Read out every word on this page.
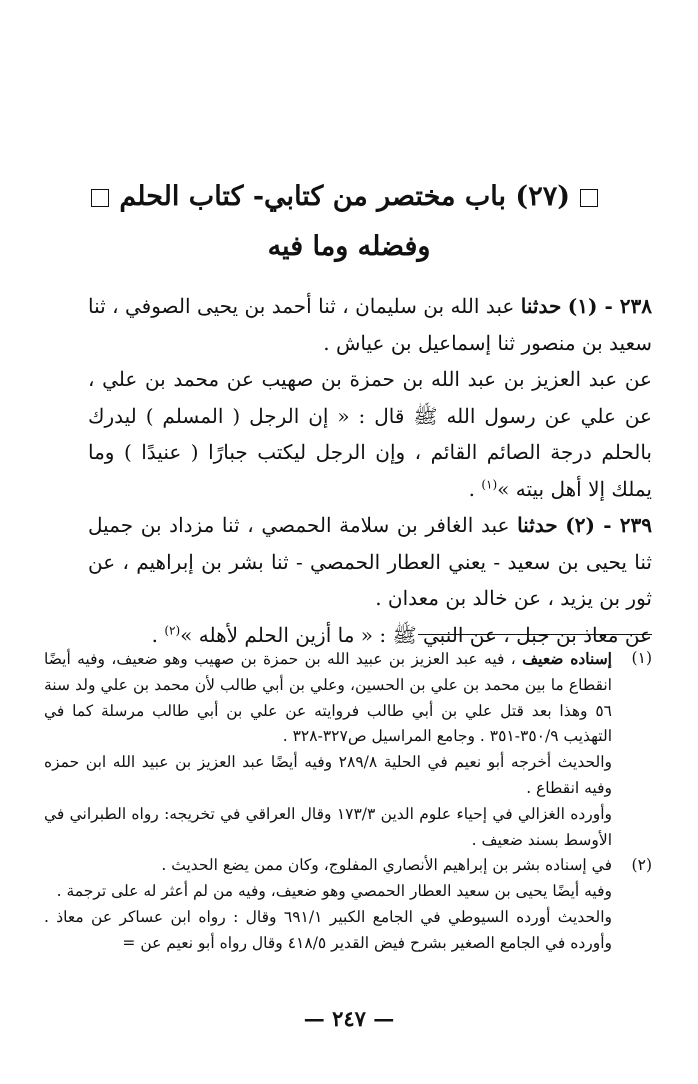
(٢٧) باب مختصر من كتابي- كتاب الحلم
وفضله وما فيه

٢٣٨ - (١) حدثنا عبد الله بن سليمان ، ثنا أحمد بن يحيى الصوفي ، ثنا سعيد بن منصور ثنا إسماعيل بن عياش .

عن عبد العزيز بن عبد الله بن حمزة بن صهيب عن محمد بن علي ، عن علي عن رسول الله ﷺ قال : « إن الرجل ( المسلم ) ليدرك بالحلم درجة الصائم القائم ، وإن الرجل ليكتب جبارًا ( عنيدًا ) وما يملك إلا أهل بيته »$^{(١)}$ .

٢٣٩ - (٢) حدثنا عبد الغافر بن سلامة الحمصي ، ثنا مزداد بن جميل ثنا يحيى بن سعيد - يعني العطار الحمصي - ثنا بشر بن إبراهيم ، عن ثور بن يزيد ، عن خالد بن معدان .

عن معاذ بن جبل ، عن النبي ﷺ : « ما أزين الحلم لأهله »$^{(٢)}$ .

(١)

إسناده ضعيف ، فيه عبد العزيز بن عبيد الله بن حمزة بن صهيب وهو ضعيف، وفيه أيضًا انقطاع ما بين محمد بن علي بن الحسين، وعلي بن أبي طالب لأن محمد بن علي ولد سنة ٥٦ وهذا بعد قتل علي بن أبي طالب فروايته عن علي بن أبي طالب مرسلة كما في التهذيب ٣٥٠/٩-٣٥١ . وجامع المراسيل ص٣٢٧-٣٢٨ .

والحديث أخرجه أبو نعيم في الحلية ٢٨٩/٨ وفيه أيضًا عبد العزيز بن عبيد الله ابن حمزه وفيه انقطاع .

وأورده الغزالي في إحياء علوم الدين ١٧٣/٣ وقال العراقي في تخريجه: رواه الطبراني في الأوسط بسند ضعيف .

(٢)

في إسناده بشر بن إبراهيم الأنصاري المفلوج، وكان ممن يضع الحديث .

وفيه أيضًا يحيى بن سعيد العطار الحمصي وهو ضعيف، وفيه من لم أعثر له على ترجمة .

والحديث أورده السيوطي في الجامع الكبير ٦٩١/١ وقال : رواه ابن عساكر عن معاذ . وأورده في الجامع الصغير بشرح فيض القدير ٤١٨/٥ وقال رواه أبو نعيم عن =

— ٢٤٧ —
